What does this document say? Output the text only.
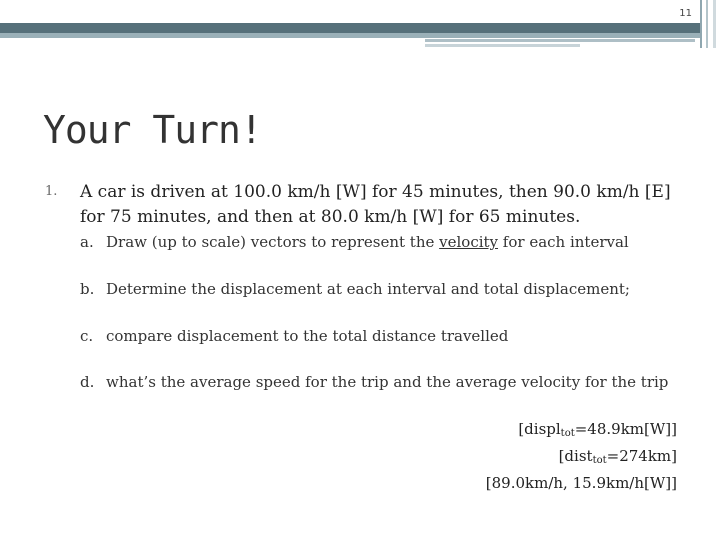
11
Your Turn!
1. A car is driven at 100.0 km/h [W] for 45 minutes, then 90.0 km/h [E] for 75 minutes, and then at 80.0 km/h [W] for 65 minutes.
a. Draw (up to scale) vectors to represent the velocity for each interval
b. Determine the displacement at each interval and total displacement;
c. compare displacement to the total distance travelled
d. what’s the average speed for the trip and the average velocity for the trip
[displ$_{tot}$=48.9km[W]]
[dist$_{tot}$=274km]
[89.0km/h, 15.9km/h[W]]
